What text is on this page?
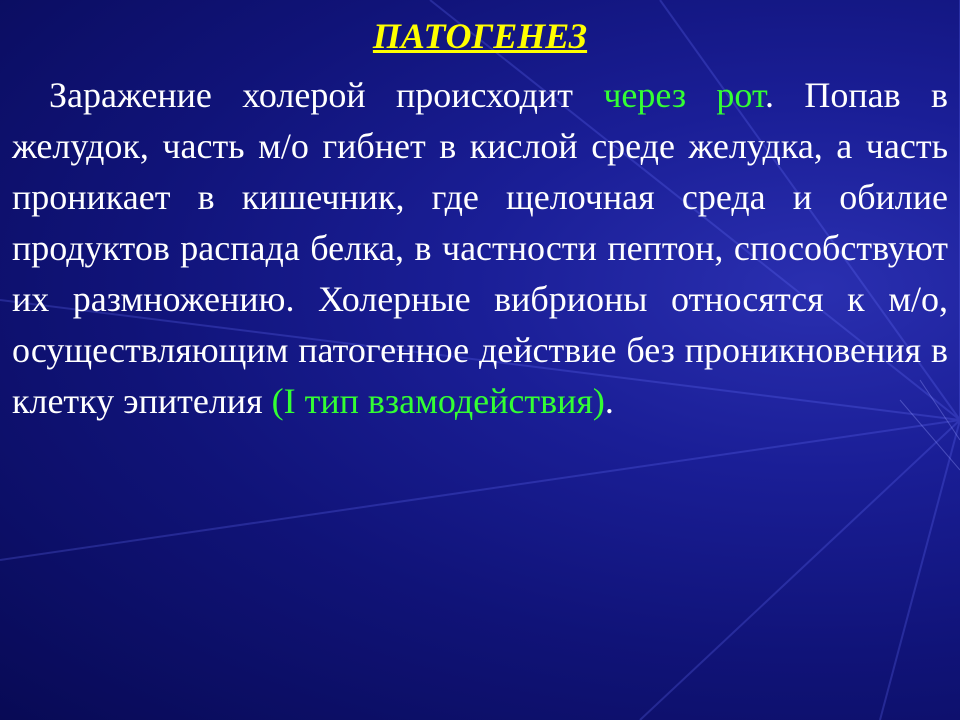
ПАТОГЕНЕЗ
Заражение холерой происходит через рот. Попав в желудок, часть м/о гибнет в кислой среде желудка, а часть проникает в кишечник, где щелочная среда и обилие продуктов распада белка, в частности пептон, способствуют их размножению. Холерные вибрионы относятся к м/о, осуществляющим патогенное действие без проникновения в клетку эпителия (I тип взамодействия).
